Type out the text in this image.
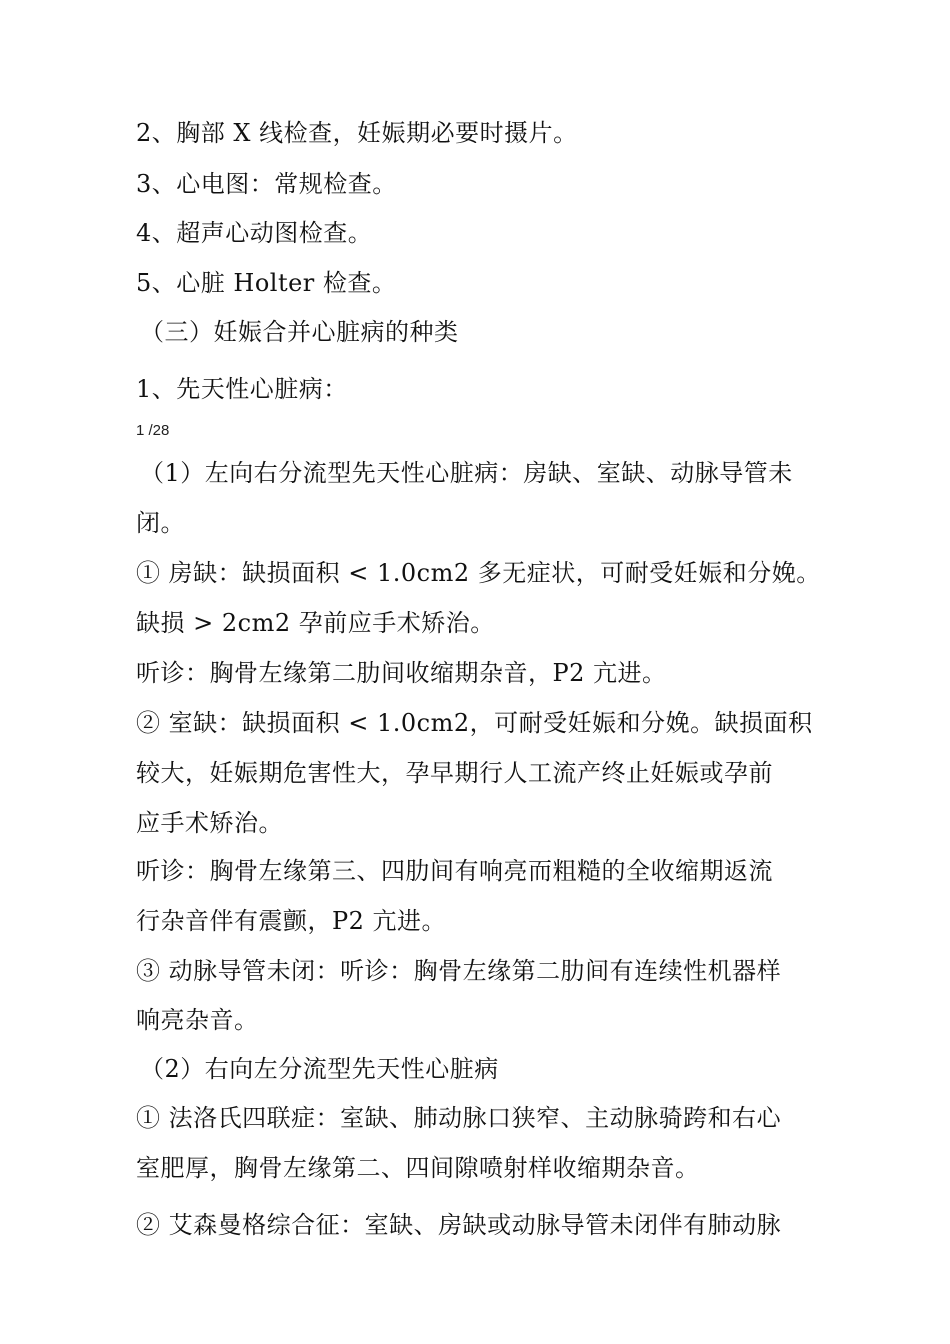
2、胸部 X 线检查，妊娠期必要时摄片。
3、心电图：常规检查。
4、超声心动图检查。
5、心脏 Holter 检查。
（三）妊娠合并心脏病的种类
1、先天性心脏病：
1 /28
（1）左向右分流型先天性心脏病：房缺、室缺、动脉导管未
闭。
① 房缺：缺损面积 < 1.0cm2 多无症状，可耐受妊娠和分娩。
缺损 > 2cm2 孕前应手术矫治。
听诊：胸骨左缘第二肋间收缩期杂音，P2 亢进。
② 室缺：缺损面积 < 1.0cm2，可耐受妊娠和分娩。缺损面积
较大，妊娠期危害性大，孕早期行人工流产终止妊娠或孕前
应手术矫治。
听诊：胸骨左缘第三、四肋间有响亮而粗糙的全收缩期返流
行杂音伴有震颤，P2 亢进。
③ 动脉导管未闭：听诊：胸骨左缘第二肋间有连续性机器样
响亮杂音。
（2）右向左分流型先天性心脏病
① 法洛氏四联症：室缺、肺动脉口狭窄、主动脉骑跨和右心
室肥厚，胸骨左缘第二、四间隙喷射样收缩期杂音。
② 艾森曼格综合征：室缺、房缺或动脉导管未闭伴有肺动脉
